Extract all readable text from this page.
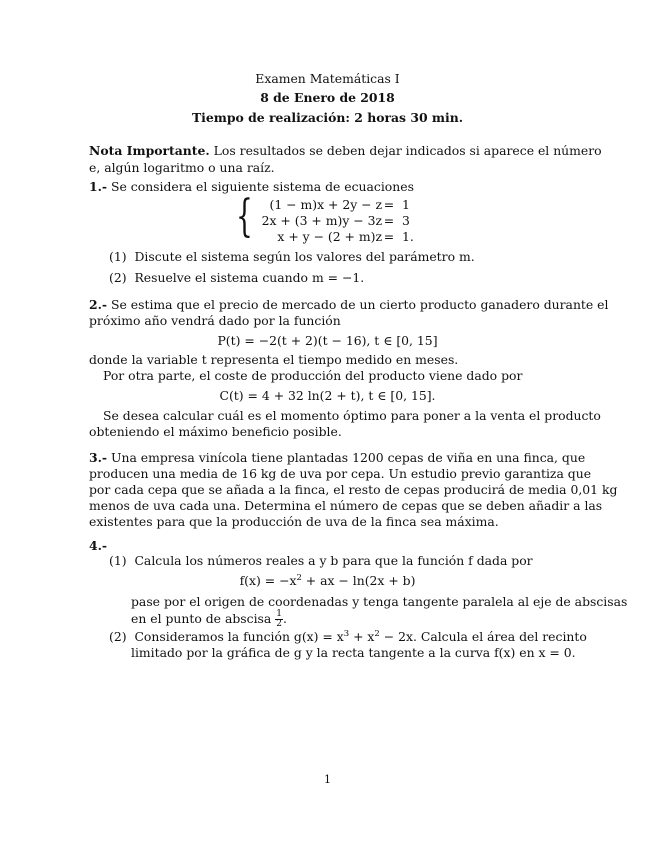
Examen Matemáticas I
8 de Enero de 2018
Tiempo de realización: 2 horas 30 min.
Nota Importante. Los resultados se deben dejar indicados si aparece el número
e, algún logaritmo o una raíz.
1.- Se considera el siguiente sistema de ecuaciones
{ (1 − m)x + 2y − z = 1
2x + (3 + m)y − 3z = 3
x + y − (2 + m)z = 1.
(1) Discute el sistema según los valores del parámetro m.
(2) Resuelve el sistema cuando m = −1.
2.- Se estima que el precio de mercado de un cierto producto ganadero durante el
próximo año vendrá dado por la función
P(t) = −2(t + 2)(t − 16), t ∈ [0, 15]
donde la variable t representa el tiempo medido en meses.
Por otra parte, el coste de producción del producto viene dado por
C(t) = 4 + 32 ln(2 + t), t ∈ [0, 15].
Se desea calcular cuál es el momento óptimo para poner a la venta el producto
obteniendo el máximo beneficio posible.
3.- Una empresa vinícola tiene plantadas 1200 cepas de viña en una finca, que
producen una media de 16 kg de uva por cepa. Un estudio previo garantiza que
por cada cepa que se añada a la finca, el resto de cepas producirá de media 0,01 kg
menos de uva cada una. Determina el número de cepas que se deben añadir a las
existentes para que la producción de uva de la finca sea máxima.
4.-
(1) Calcula los números reales a y b para que la función f dada por
$f(x) = -x^2$ + ax − ln(2x + b)
pase por el origen de coordenadas y tenga tangente paralela al eje de abscisas
en el punto de abscisa $\frac{1}{2}$ .
(2) Consideramos la función $g(x) = x^3 + x^2 - 2x$. Calcula el área del recinto
limitado por la gráfica de g y la recta tangente a la curva f(x) en x = 0.
1
